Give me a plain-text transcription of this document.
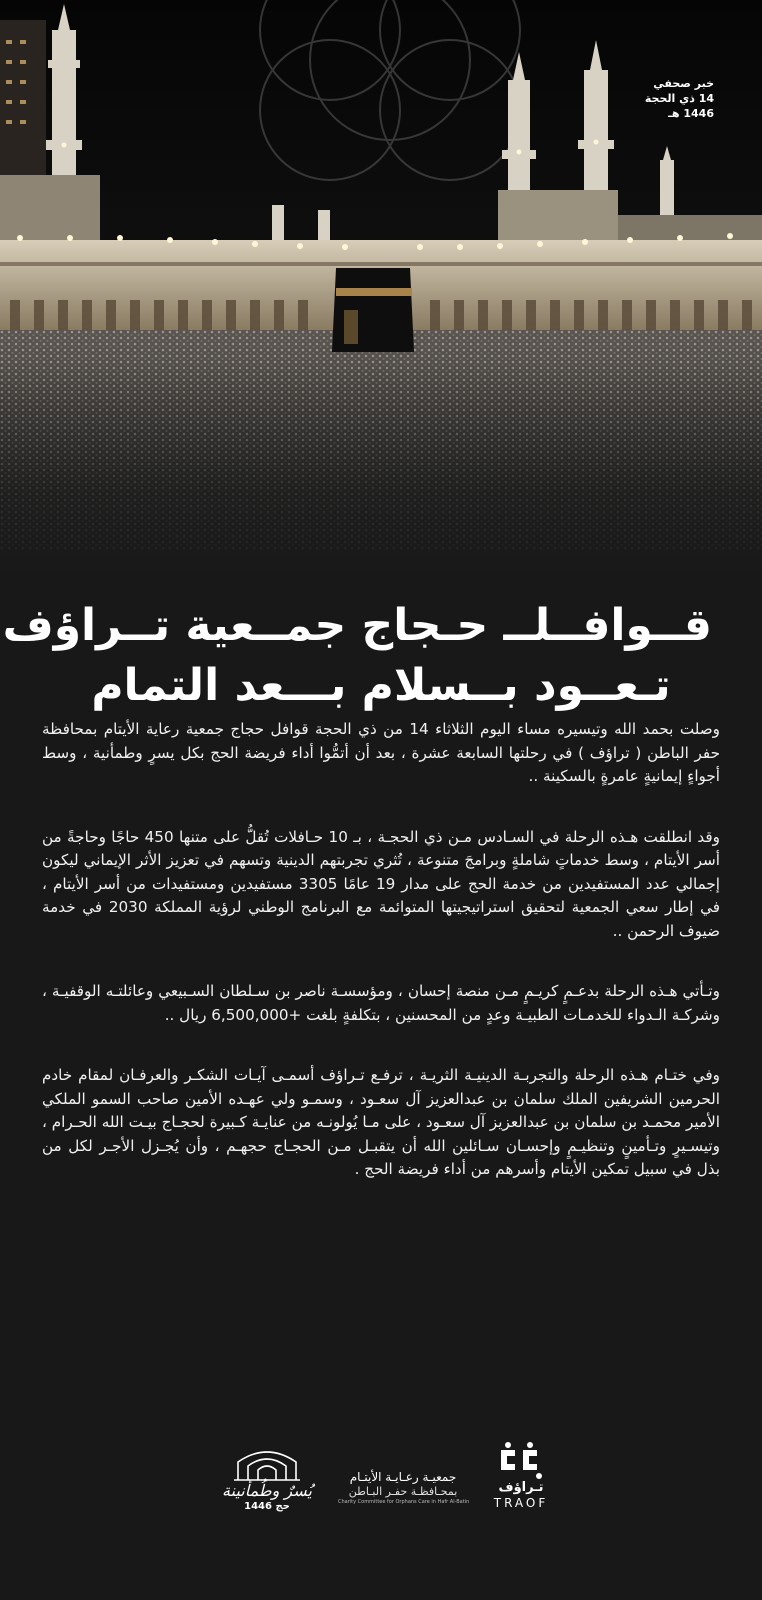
خبر صحفي
14 ذي الحجة
1446 هـ
قــوافــلــ حـجاج جمــعية تــراؤف
تـعــود بــسلام بـــعد التمام

وصلت بحمد الله وتيسيره مساء اليوم الثلاثاء 14 من ذي الحجة قوافل حجاج جمعية رعاية الأيتام بمحافظة حفر الباطن ( تراؤف ) في رحلتها السابعة عشرة ، بعد أن أتمُّوا أداء فريضة الحج بكل يسرٍ وطمأنية ، وسط أجواءٍ إيمانيةٍ عامرةٍ بالسكينة ..

وقد انطلقت هـذه الرحلة في السـادس مـن ذي الحجـة ، بـ 10 حـافلات تُقلُّ على متنها 450 حاجًا وحاجةً من أسر الأيتام ، وسط خدماتٍ شاملةٍ وبرامجَ متنوعة ، تُثري تجربتهم الدينية وتسهم في تعزيز الأثر الإيماني ليكون إجمالي عدد المستفيدين من خدمة الحج على مدار 19 عامًا 3305 مستفيدين ومستفيدات من أسر الأيتام ، في إطار سعي الجمعية لتحقيق استراتيجيتها المتوائمة مع البرنامج الوطني لرؤية المملكة 2030 في خدمة ضيوف الرحمن ..

وتـأتي هـذه الرحلة بدعـمٍ كريـمٍ مـن منصة إحسان ، ومؤسسـة ناصر بن سـلطان السـبيعي وعائلتـه الوقفيـة ، وشركـة الـدواء للخدمـات الطبيـة وعدٍ من المحسنين ، بتكلفةٍ بلغت +6,500,000 ريال ..

وفي ختـام هـذه الرحلة والتجربـة الدينيـة الثريـة ، ترفـع تـراؤف أسمـى آيـات الشكـر والعرفـان لمقام خادم الحرمين الشريفين الملك سلمان بن عبدالعزيز آل سعـود ، وسمـو ولي عهـده الأمين صاحب السمو الملكي الأمير محمـد بن سلمان بن عبدالعزيز آل سعـود ، على مـا يُولونـه من عنايـة كـبيرة لحجـاج بيـت الله الحـرام ، وتيسـيرٍ وتـأمينٍ وتنظيـمٍ وإحسـان سـائلين الله أن يتقبـل مـن الحجـاج حجهـم ، وأن يُجـزل الأجـر لكل من بذل في سبيل تمكين الأيتام وأسرهم من أداء فريضة الحج .

تـراؤف
TRAOF
جمعيـة رعـايـة الأيتـام
بمحـافظـة حفـر البـاطن
Charity Committee for Orphans Care in Hafr Al-Batin
يُسرٌ وطُمأنينة
حج 1446
